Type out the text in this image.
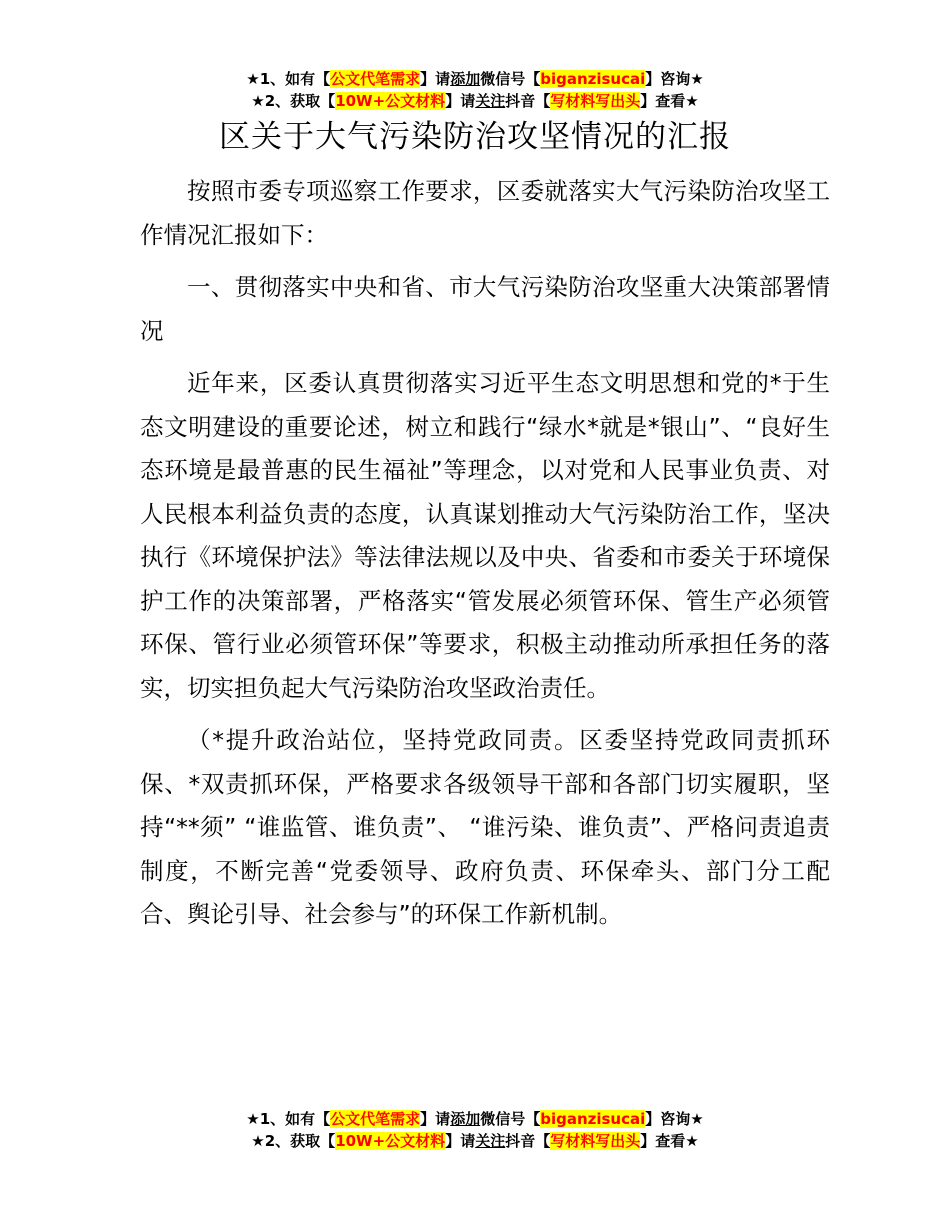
★1、如有【公文代笔需求】请添加微信号【biganzisucai】咨询★
★2、获取【10W+公文材料】请关注抖音【写材料写出头】查看★
区关于大气污染防治攻坚情况的汇报

按照市委专项巡察工作要求，区委就落实大气污染防治攻坚工作情况汇报如下：

一、贯彻落实中央和省、市大气污染防治攻坚重大决策部署情况

近年来，区委认真贯彻落实习近平生态文明思想和党的*于生态文明建设的重要论述，树立和践行“绿水*就是*银山”、“良好生态环境是最普惠的民生福祉”等理念，以对党和人民事业负责、对人民根本利益负责的态度，认真谋划推动大气污染防治工作，坚决执行《环境保护法》等法律法规以及中央、省委和市委关于环境保护工作的决策部署，严格落实“管发展必须管环保、管生产必须管环保、管行业必须管环保”等要求，积极主动推动所承担任务的落实，切实担负起大气污染防治攻坚政治责任。

（*提升政治站位，坚持党政同责。区委坚持党政同责抓环保、*双责抓环保，严格要求各级领导干部和各部门切实履职，坚持“**须” “谁监管、谁负责”、 “谁污染、谁负责”、严格问责追责制度，不断完善“党委领导、政府负责、环保牵头、部门分工配合、舆论引导、社会参与”的环保工作新机制。

★1、如有【公文代笔需求】请添加微信号【biganzisucai】咨询★
★2、获取【10W+公文材料】请关注抖音【写材料写出头】查看★
